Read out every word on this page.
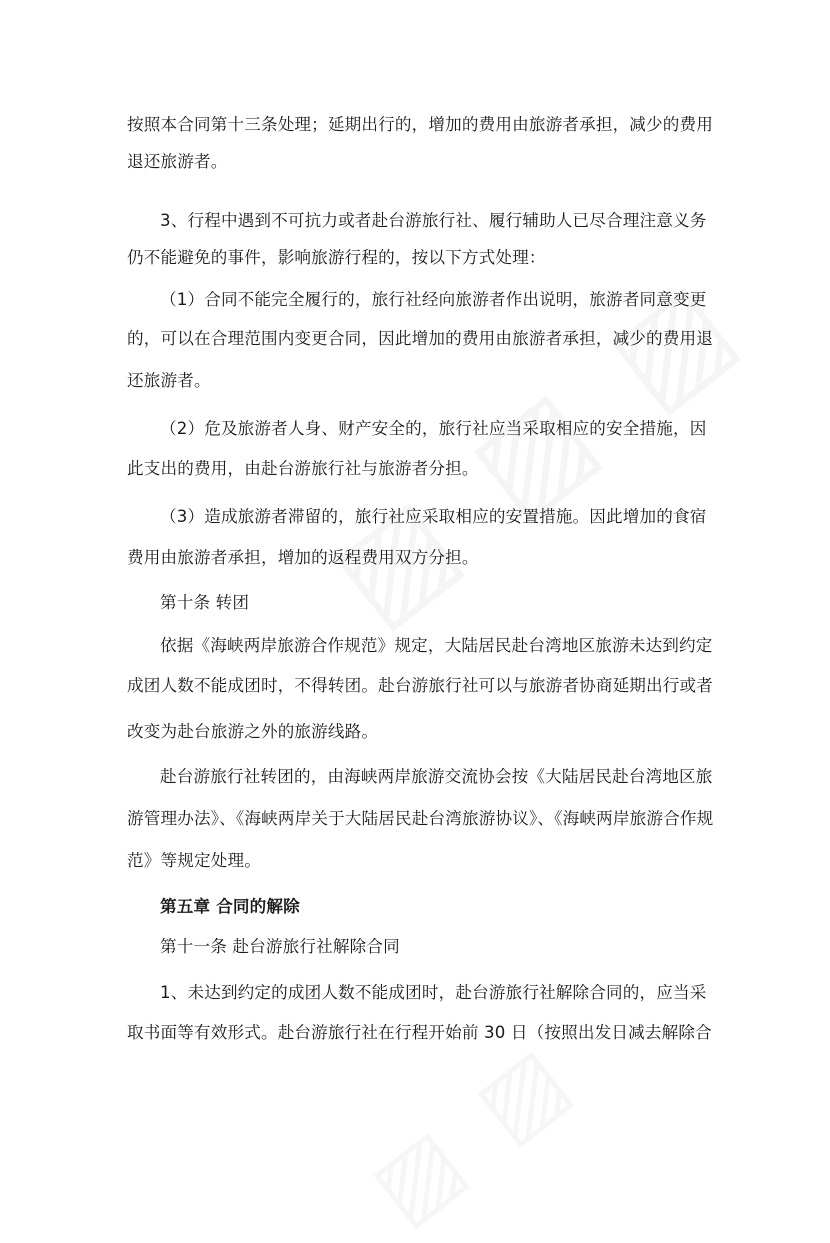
按照本合同第十三条处理；延期出行的，增加的费用由旅游者承担，减少的费用
退还旅游者。
3、行程中遇到不可抗力或者赴台游旅行社、履行辅助人已尽合理注意义务
仍不能避免的事件，影响旅游行程的，按以下方式处理：
（1）合同不能完全履行的，旅行社经向旅游者作出说明，旅游者同意变更
的，可以在合理范围内变更合同，因此增加的费用由旅游者承担，减少的费用退
还旅游者。
（2）危及旅游者人身、财产安全的，旅行社应当采取相应的安全措施，因
此支出的费用，由赴台游旅行社与旅游者分担。
（3）造成旅游者滞留的，旅行社应采取相应的安置措施。因此增加的食宿
费用由旅游者承担，增加的返程费用双方分担。
第十条 转团
依据《海峡两岸旅游合作规范》规定，大陆居民赴台湾地区旅游未达到约定
成团人数不能成团时，不得转团。赴台游旅行社可以与旅游者协商延期出行或者
改变为赴台旅游之外的旅游线路。
赴台游旅行社转团的，由海峡两岸旅游交流协会按《大陆居民赴台湾地区旅
游管理办法》、《海峡两岸关于大陆居民赴台湾旅游协议》、《海峡两岸旅游合作规
范》等规定处理。
第五章 合同的解除
第十一条 赴台游旅行社解除合同
1、未达到约定的成团人数不能成团时，赴台游旅行社解除合同的，应当采
取书面等有效形式。赴台游旅行社在行程开始前 30 日（按照出发日减去解除合
